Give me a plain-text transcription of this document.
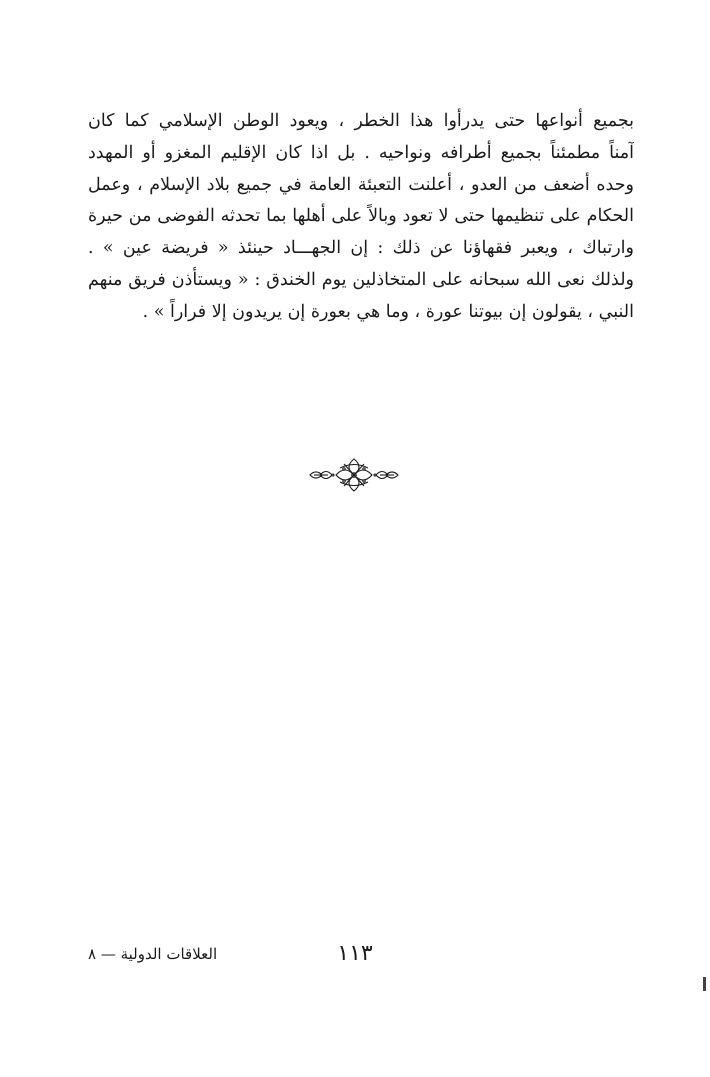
بجميع أنواعها حتى يدرأوا هذا الخطر ، ويعود الوطن الإسلامي كما كان
آمناً مطمئناً بجميع أطرافه ونواحيه . بل اذا كان الإقليم المغزو أو المهدد
وحده أضعف من العدو ، أعلنت التعبئة العامة في جميع بلاد الإسلام ، وعمل
الحكام على تنظيمها حتى لا تعود وبالاً على أهلها بما تحدثه الفوضى من حيرة
وارتباك ، ويعبر فقهاؤنا عن ذلك : إن الجهـــاد حينئذ « فريضة عين » .
ولذلك نعى الله سبحانه على المتخاذلين يوم الخندق : « ويستأذن فريق منهم
النبي ، يقولون إن بيوتنا عورة ، وما هي بعورة إن يريدون إلا فراراً » .
العلاقات الدولية — ٨	١١٣
